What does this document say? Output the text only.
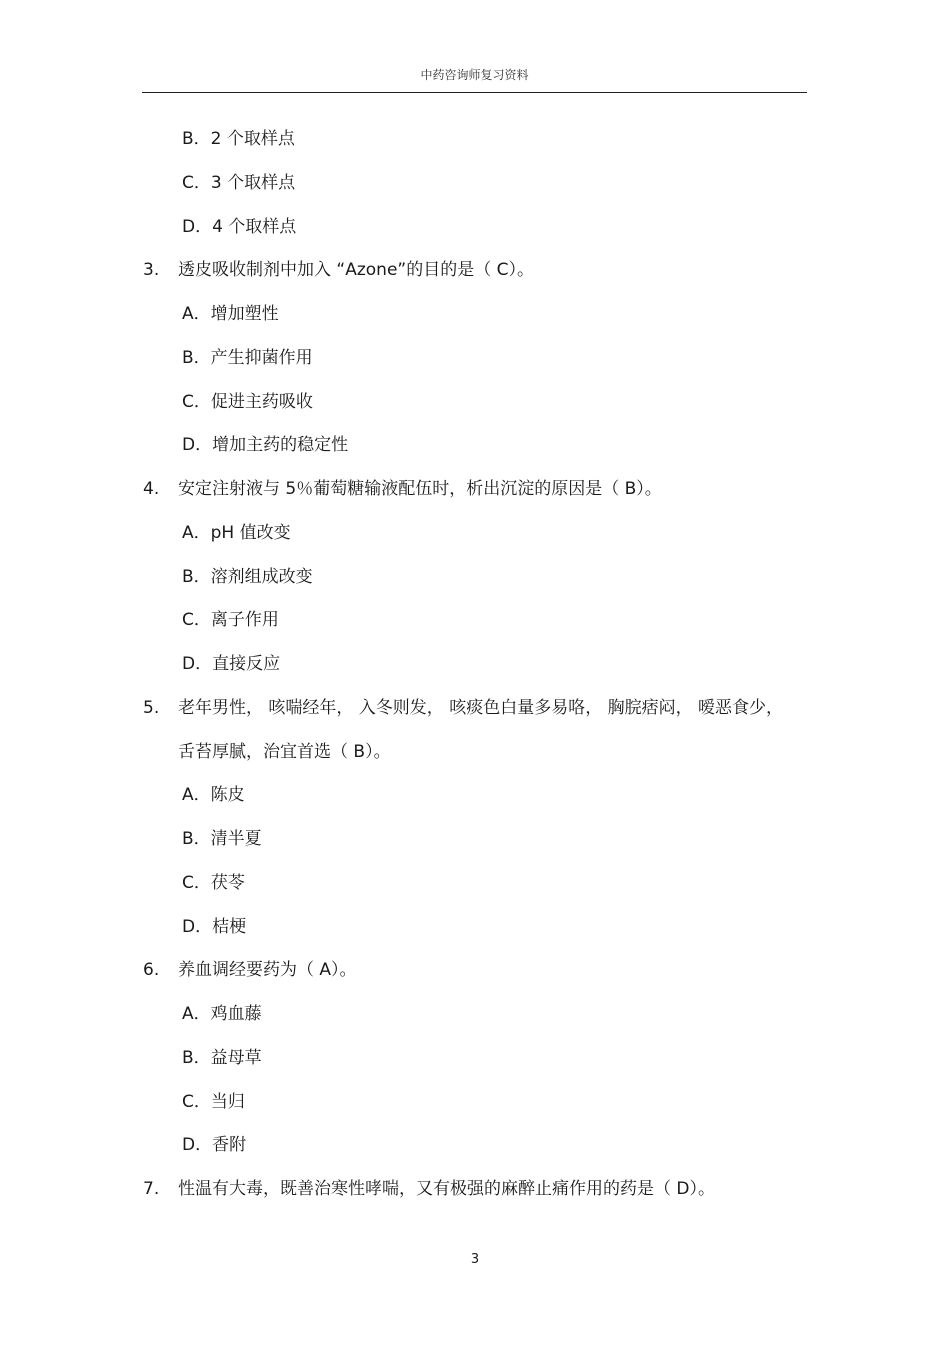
中药咨询师复习资料
B．2 个取样点
C．3 个取样点
D．4 个取样点
3. 透皮吸收制剂中加入 “Azone”的目的是（ C）。
A．增加塑性
B．产生抑菌作用
C．促进主药吸收
D．增加主药的稳定性
4. 安定注射液与 5％葡萄糖输液配伍时，析出沉淀的原因是（ B）。
A．pH 值改变
B．溶剂组成改变
C．离子作用
D．直接反应
5. 老年男性， 咳喘经年， 入冬则发， 咳痰色白量多易咯， 胸脘痞闷， 嗳恶食少，
舌苔厚腻，治宜首选（ B）。
A．陈皮
B．清半夏
C．茯苓
D．桔梗
6. 养血调经要药为（ A）。
A．鸡血藤
B．益母草
C．当归
D．香附
7. 性温有大毒，既善治寒性哮喘，又有极强的麻醉止痛作用的药是（ D）。
3
